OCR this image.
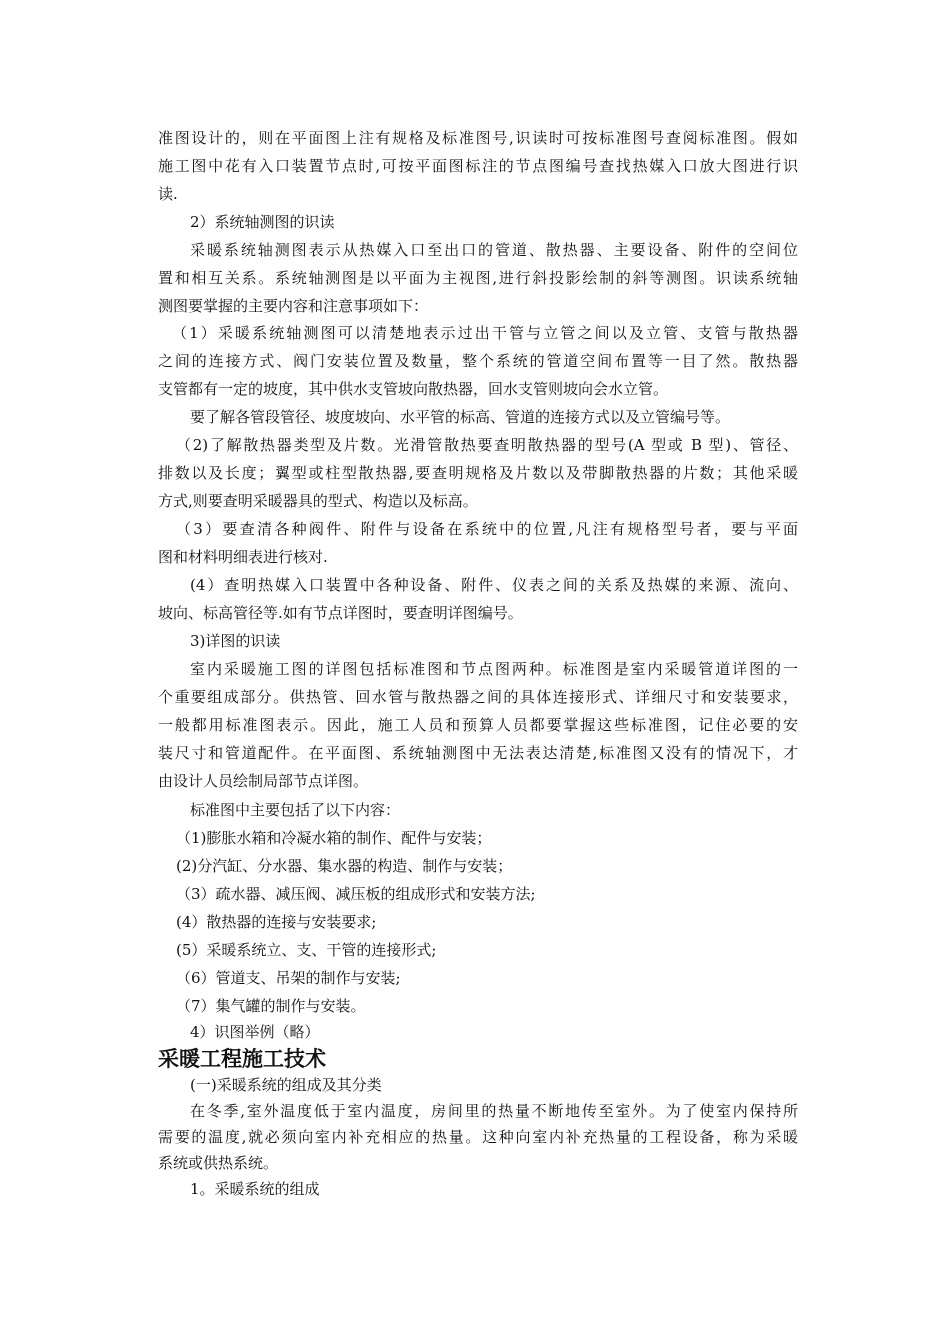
准图设计的，则在平面图上注有规格及标准图号,识读时可按标准图号查阅标准图。假如
施工图中花有入口装置节点时,可按平面图标注的节点图编号查找热媒入口放大图进行识
读.
2）系统轴测图的识读
采暖系统轴测图表示从热媒入口至出口的管道、散热器、主要设备、附件的空间位
置和相互关系。系统轴测图是以平面为主视图,进行斜投影绘制的斜等测图。识读系统轴
测图要掌握的主要内容和注意事项如下：
（1）采暖系统轴测图可以清楚地表示过出干管与立管之间以及立管、支管与散热器
之间的连接方式、阀门安装位置及数量，整个系统的管道空间布置等一目了然。散热器
支管都有一定的坡度，其中供水支管坡向散热器，回水支管则坡向会水立管。
要了解各管段管径、坡度坡向、水平管的标高、管道的连接方式以及立管编号等。
（2)了解散热器类型及片数。光滑管散热要查明散热器的型号(A 型或 B 型)、管径、
排数以及长度；翼型或柱型散热器,要查明规格及片数以及带脚散热器的片数；其他采暖
方式,则要查明采暖器具的型式、构造以及标高。
（3）要查清各种阀件、附件与设备在系统中的位置,凡注有规格型号者，要与平面
图和材料明细表进行核对.
(4）查明热媒入口装置中各种设备、附件、仪表之间的关系及热媒的来源、流向、
坡向、标高管径等.如有节点详图时，要查明详图编号。
3)详图的识读
室内采暖施工图的详图包括标准图和节点图两种。标准图是室内采暖管道详图的一
个重要组成部分。供热管、回水管与散热器之间的具体连接形式、详细尺寸和安装要求，
一般都用标准图表示。因此，施工人员和预算人员都要掌握这些标准图，记住必要的安
装尺寸和管道配件。在平面图、系统轴测图中无法表达清楚,标准图又没有的情况下，才
由设计人员绘制局部节点详图。
标准图中主要包括了以下内容：
（1)膨胀水箱和冷凝水箱的制作、配件与安装；
(2)分汽缸、分水器、集水器的构造、制作与安装；
（3）疏水器、减压阀、减压板的组成形式和安装方法;
(4）散热器的连接与安装要求;
(5）采暖系统立、支、干管的连接形式;
（6）管道支、吊架的制作与安装;
（7）集气罐的制作与安装。
4）识图举例（略）
采暖工程施工技术
(一)采暖系统的组成及其分类
在冬季,室外温度低于室内温度，房间里的热量不断地传至室外。为了使室内保持所
需要的温度,就必须向室内补充相应的热量。这种向室内补充热量的工程设备，称为采暖
系统或供热系统。
1。采暖系统的组成
